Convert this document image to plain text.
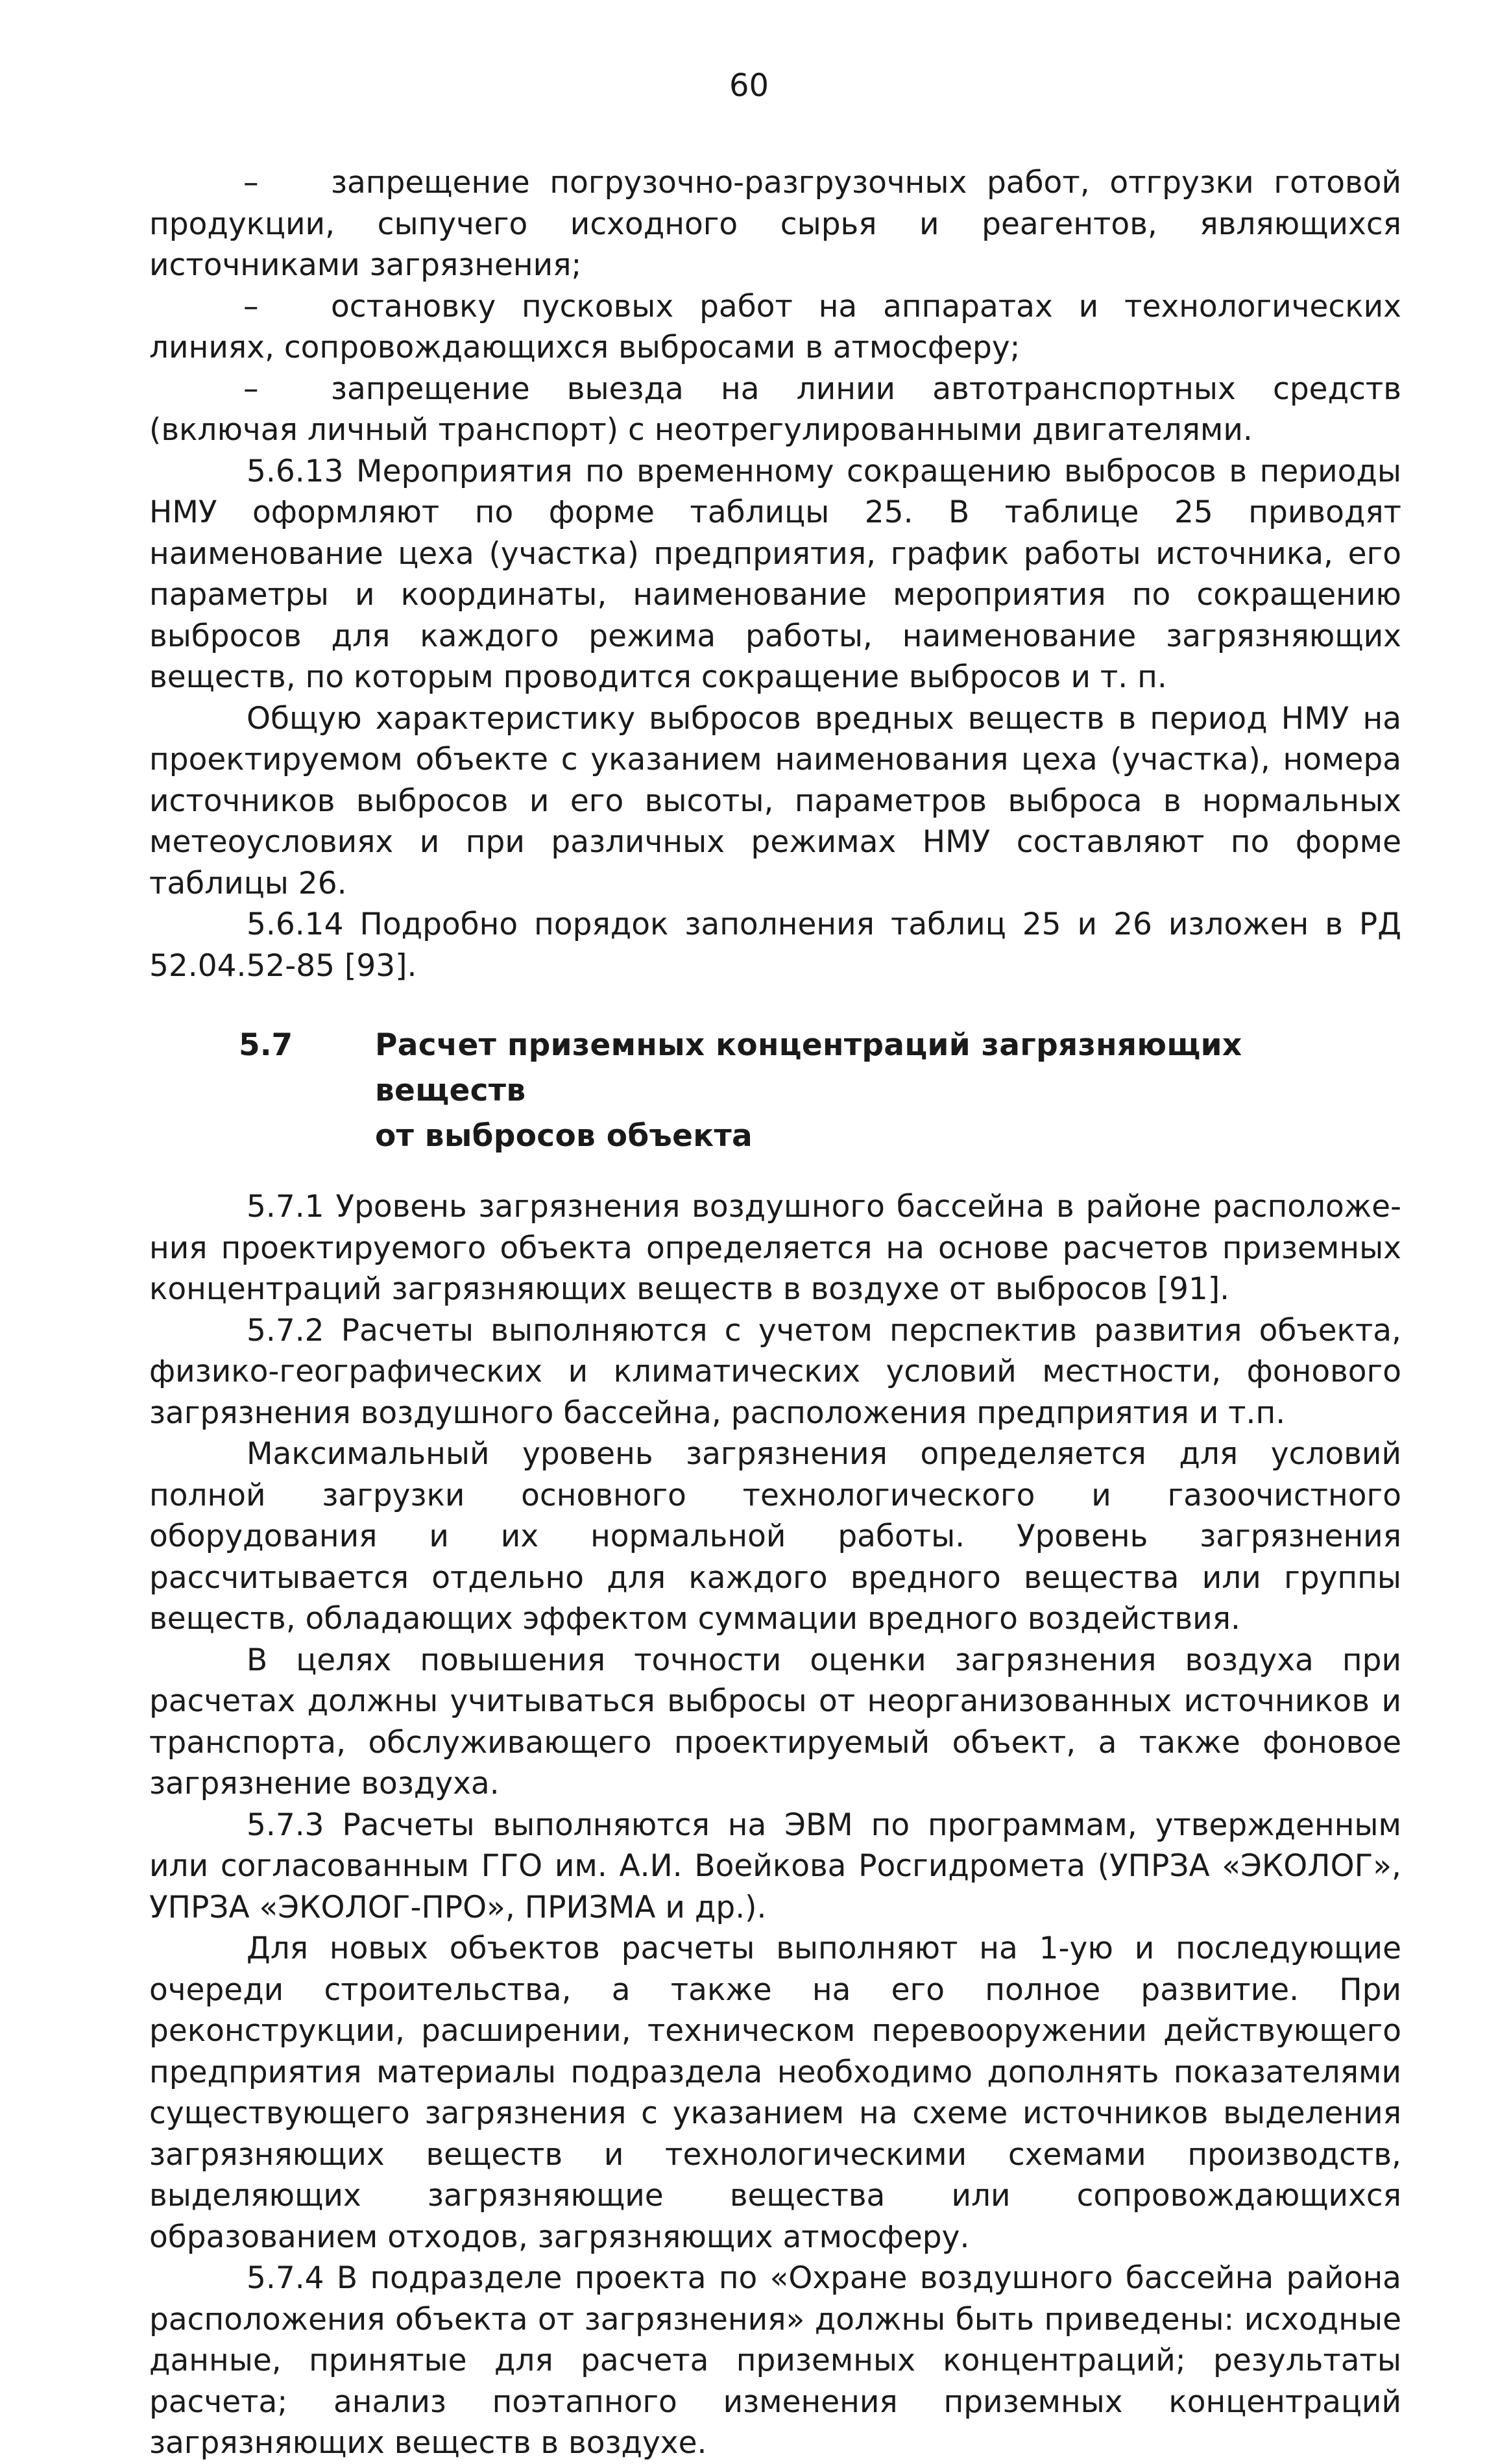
60

– запрещение погрузочно-разгрузочных работ, отгрузки готовой продукции, сыпучего исходного сырья и реагентов, являющихся источниками загрязнения;

– остановку пусковых работ на аппаратах и технологических линиях, сопровождающихся выбросами в атмосферу;

– запрещение выезда на линии автотранспортных средств (включая личный транспорт) с неотрегулированными двигателями.

5.6.13 Мероприятия по временному сокращению выбросов в периоды НМУ оформляют по форме таблицы 25. В таблице 25 приводят наименование цеха (участка) предприятия, график работы источника, его параметры и координаты, наименование мероприятия по сокращению выбросов для каждого режима работы, наименование загрязняющих веществ, по которым проводится сокращение выбросов и т. п.

Общую характеристику выбросов вредных веществ в период НМУ на проектируемом объекте с указанием наименования цеха (участка), номера источников выбросов и его высоты, параметров выброса в нормальных метеоусловиях и при различных режимах НМУ составляют по форме таблицы 26.

5.6.14 Подробно порядок заполнения таблиц 25 и 26 изложен в РД 52.04.52-85 [93].

5.7	Расчет приземных концентраций загрязняющих веществ
от выбросов объекта

5.7.1 Уровень загрязнения воздушного бассейна в районе расположения проектируемого объекта определяется на основе расчетов приземных концентраций загрязняющих веществ в воздухе от выбросов [91].

5.7.2 Расчеты выполняются с учетом перспектив развития объекта, физико-географических и климатических условий местности, фонового загрязнения воздушного бассейна, расположения предприятия и т.п.

Максимальный уровень загрязнения определяется для условий полной загрузки основного технологического и газоочистного оборудования и их нормальной работы. Уровень загрязнения рассчитывается отдельно для каждого вредного вещества или группы веществ, обладающих эффектом суммации вредного воздействия.

В целях повышения точности оценки загрязнения воздуха при расчетах должны учитываться выбросы от неорганизованных источников и транспорта, обслуживающего проектируемый объект, а также фоновое загрязнение воздуха.

5.7.3 Расчеты выполняются на ЭВМ по программам, утвержденным или согласованным ГГО им. А.И. Воейкова Росгидромета (УПРЗА «ЭКОЛОГ», УПРЗА «ЭКОЛОГ-ПРО», ПРИЗМА и др.).

Для новых объектов расчеты выполняют на 1-ую и последующие очереди строительства, а также на его полное развитие. При реконструкции, расширении, техническом перевооружении действующего предприятия материалы подраздела необходимо дополнять показателями существующего загрязнения с указанием на схеме источников выделения загрязняющих веществ и технологическими схемами производств, выделяющих загрязняющие вещества или сопровождающихся образованием отходов, загрязняющих атмосферу.

5.7.4 В подразделе проекта по «Охране воздушного бассейна района расположения объекта от загрязнения» должны быть приведены: исходные данные, принятые для расчета приземных концентраций; результаты расчета; анализ поэтапного изменения приземных концентраций загрязняющих веществ в воздухе.
